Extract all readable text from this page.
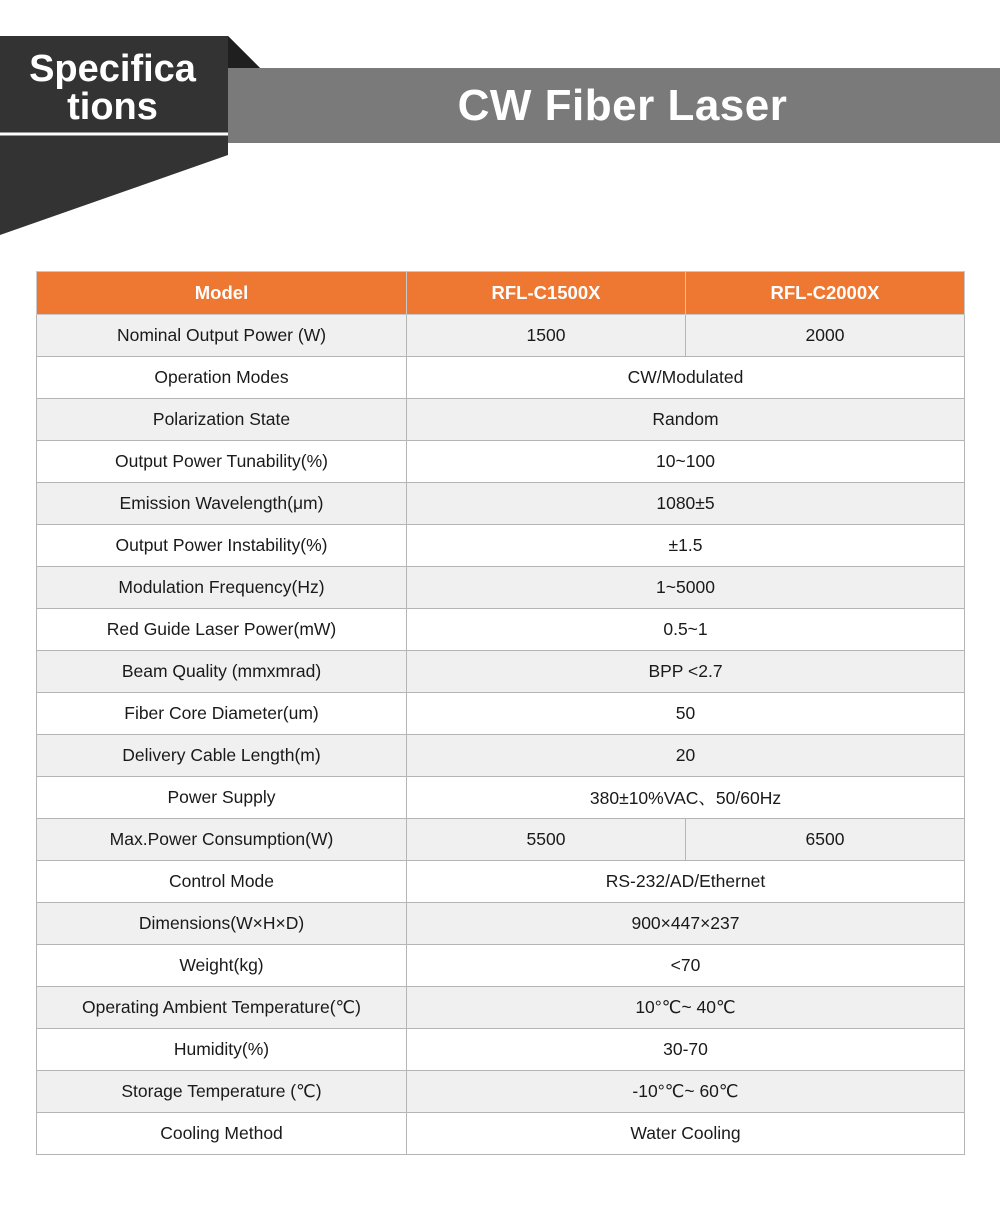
Specifica
tions	CW Fiber Laser
Model	RFL-C1500X	RFL-C2000X
Nominal Output Power (W)	1500	2000
Operation Modes	CW/Modulated	
Polarization State	Random	
Output Power Tunability(%)	10~100	
Emission Wavelength(μm)	1080±5	
Output Power Instability(%)	±1.5	
Modulation Frequency(Hz)	1~5000	
Red Guide Laser Power(mW)	0.5~1	
Beam Quality (mmxmrad)	BPP <2.7	
Fiber Core Diameter(um)	50	
Delivery Cable Length(m)	20	
Power Supply	380±10%VAC、50/60Hz	
Max.Power Consumption(W)	5500	6500
Control Mode	RS-232/AD/Ethernet	
Dimensions(W×H×D)	900×447×237	
Weight(kg)	<70	
Operating Ambient Temperature(℃)	10°℃~ 40℃	
Humidity(%)	30-70	
Storage Temperature (℃)	-10°℃~ 60℃	
Cooling Method	Water Cooling	
